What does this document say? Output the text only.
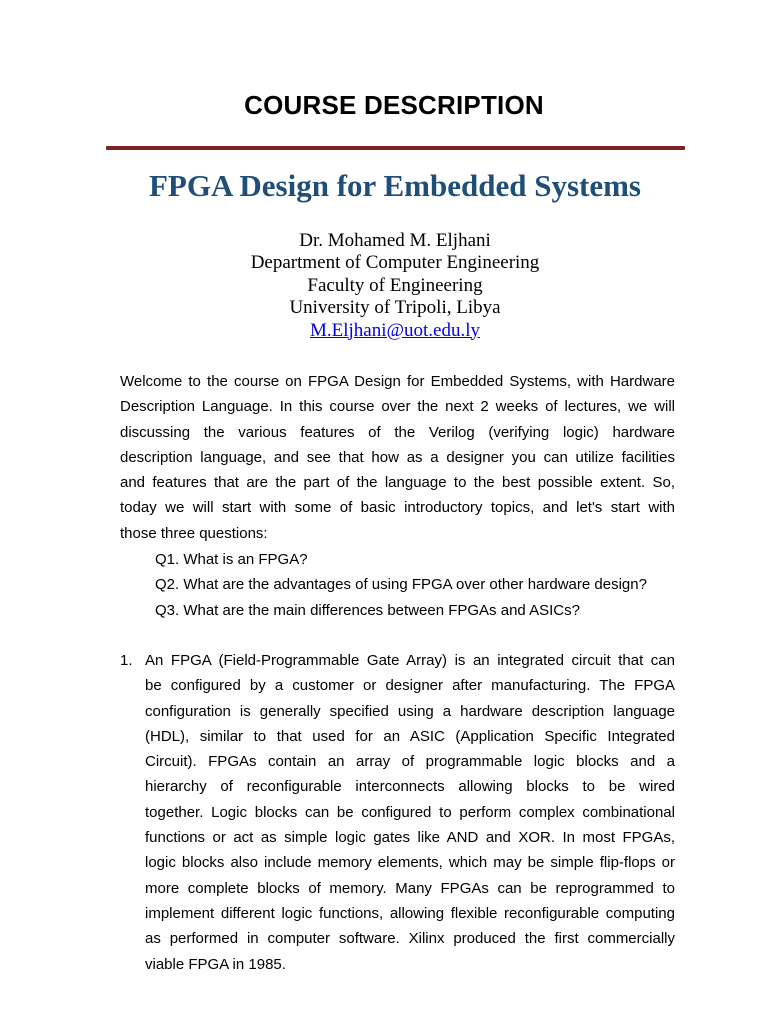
COURSE DESCRIPTION
FPGA Design for Embedded Systems
Dr. Mohamed M. Eljhani
Department of Computer Engineering
Faculty of Engineering
University of Tripoli, Libya
M.Eljhani@uot.edu.ly
Welcome to the course on FPGA Design for Embedded Systems, with Hardware
Description Language. In this course over the next 2 weeks of lectures, we will
discussing the various features of the Verilog (verifying logic) hardware
description language, and see that how as a designer you can utilize facilities
and features that are the part of the language to the best possible extent. So,
today we will start with some of basic introductory topics, and let's start with
those three questions:
Q1. What is an FPGA?
Q2. What are the advantages of using FPGA over other hardware design?
Q3. What are the main differences between FPGAs and ASICs?
1. An FPGA (Field-Programmable Gate Array) is an integrated circuit that can
be configured by a customer or designer after manufacturing. The FPGA
configuration is generally specified using a hardware description language
(HDL), similar to that used for an ASIC (Application Specific Integrated
Circuit). FPGAs contain an array of programmable logic blocks and a
hierarchy of reconfigurable interconnects allowing blocks to be wired
together. Logic blocks can be configured to perform complex combinational
functions or act as simple logic gates like AND and XOR. In most FPGAs,
logic blocks also include memory elements, which may be simple flip-flops or
more complete blocks of memory. Many FPGAs can be reprogrammed to
implement different logic functions, allowing flexible reconfigurable computing
as performed in computer software. Xilinx produced the first commercially
viable FPGA in 1985.
